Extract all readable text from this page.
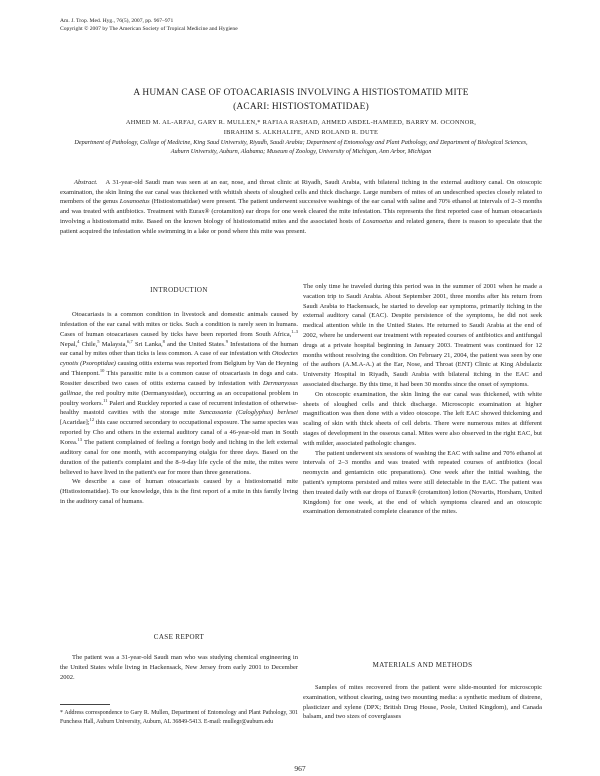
Am. J. Trop. Med. Hyg., 76(5), 2007, pp. 967–971
Copyright © 2007 by The American Society of Tropical Medicine and Hygiene
A HUMAN CASE OF OTOACARIASIS INVOLVING A HISTIOSTOMATID MITE
(ACARI: HISTIOSTOMATIDAE)
AHMED M. AL-ARFAJ, GARY R. MULLEN,* RAFIAA RASHAD, AHMED ABDEL-HAMEED, BARRY M. OCONNOR,
IBRAHIM S. ALKHALIFE, AND ROLAND R. DUTE
Department of Pathology, College of Medicine, King Saud University, Riyadh, Saudi Arabia; Department of Entomology and Plant Pathology, and Department of Biological Sciences, Auburn University, Auburn, Alabama; Museum of Zoology, University of Michigan, Ann Arbor, Michigan
Abstract. A 31-year-old Saudi man was seen at an ear, nose, and throat clinic at Riyadh, Saudi Arabia, with bilateral itching in the external auditory canal. On otoscopic examination, the skin lining the ear canal was thickened with whitish sheets of sloughed cells and thick discharge. Large numbers of mites of an undescribed species closely related to members of the genus Loxanoetus (Histiostomatidae) were present. The patient underwent successive washings of the ear canal with saline and 70% ethanol at intervals of 2–3 months and was treated with antibiotics. Treatment with Eurax® (crotamiton) ear drops for one week cleared the mite infestation. This represents the first reported case of human otoacariasis involving a histiostomatid mite. Based on the known biology of histiostomatid mites and the associated hosts of Loxanoetus and related genera, there is reason to speculate that the patient acquired the infestation while swimming in a lake or pond where this mite was present.
INTRODUCTION

Otoacariasis is a common condition in livestock and domestic animals caused by infestation of the ear canal with mites or ticks. Such a condition is rarely seen in humans. Cases of human otoacariases caused by ticks have been reported from South Africa,$^{1-3}$ Nepal,$^4$ Chile,$^5$ Malaysia,$^{6,7}$ Sri Lanka,$^8$ and the United States.$^9$ Infestations of the human ear canal by mites other than ticks is less common. A case of ear infestation with Otodectes cynotis (Psoroptidae) causing otitis externa was reported from Belgium by Van de Heyning and Thienpont.$^{10}$ This parasitic mite is a common cause of otoacariasis in dogs and cats. Rossiter described two cases of otitis externa caused by infestation with Dermanyssus gallinae, the red poultry mite (Dermanyssidae), occurring as an occupational problem in poultry workers.$^{11}$ Paleri and Ruckley reported a case of recurrent infestation of otherwise-healthy mastoid cavities with the storage mite Suncassania (Caloglyphus) berlesei [Acaridae];$^{12}$ this case occurred secondary to occupational exposure. The same species was reported by Cho and others in the external auditory canal of a 46-year-old man in South Korea.$^{13}$ The patient complained of feeling a foreign body and itching in the left external auditory canal for one month, with accompanying otalgia for three days. Based on the duration of the patient's complaint and the 8–9-day life cycle of the mite, the mites were believed to have lived in the patient's ear for more than three generations.

We describe a case of human otoacariasis caused by a histiostomatid mite (Histiostomatidae). To our knowledge, this is the first report of a mite in this family living in the auditory canal of humans.

CASE REPORT

The patient was a 31-year-old Saudi man who was studying chemical engineering in the United States while living in Hackensack, New Jersey from early 2001 to December 2002.

* Address correspondence to Gary R. Mullen, Department of Entomology and Plant Pathology, 301 Funchess Hall, Auburn University, Auburn, AL 36849-5413. E-mail: mullegr@auburn.edu

The only time he traveled during this period was in the summer of 2001 when he made a vacation trip to Saudi Arabia. About September 2001, three months after his return from Saudi Arabia to Hackensack, he started to develop ear symptoms, primarily itching in the external auditory canal (EAC). Despite persistence of the symptoms, he did not seek medical attention while in the United States. He returned to Saudi Arabia at the end of 2002, where he underwent ear treatment with repeated courses of antibiotics and antifungal drugs at a private hospital beginning in January 2003. Treatment was continued for 12 months without resolving the condition. On February 21, 2004, the patient was seen by one of the authors (A.M.A-A.) at the Ear, Nose, and Throat (ENT) Clinic at King Abdulaziz University Hospital in Riyadh, Saudi Arabia with bilateral itching in the EAC and associated discharge. By this time, it had been 30 months since the onset of symptoms.

On otoscopic examination, the skin lining the ear canal was thickened, with white sheets of sloughed cells and thick discharge. Microscopic examination at higher magnification was then done with a video otoscope. The left EAC showed thickening and scaling of skin with thick sheets of cell debris. There were numerous mites at different stages of development in the osseous canal. Mites were also observed in the right EAC, but with milder, associated pathologic changes.

The patient underwent six sessions of washing the EAC with saline and 70% ethanol at intervals of 2–3 months and was treated with repeated courses of antibiotics (local neomycin and gentamicin otic preparations). One week after the initial washing, the patient's symptoms persisted and mites were still detectable in the EAC. The patient was then treated daily with ear drops of Eurax® (crotamiton) lotion (Novartis, Horsham, United Kingdom) for one week, at the end of which symptoms cleared and an otoscopic examination demonstrated complete clearance of the mites.

MATERIALS AND METHODS

Samples of mites recovered from the patient were slide-mounted for microscopic examination, without clearing, using two mounting media: a synthetic medium of distrene, plasticizer and xylene (DPX; British Drug House, Poole, United Kingdom), and Canada balsam, and two sizes of coverglasses

967
